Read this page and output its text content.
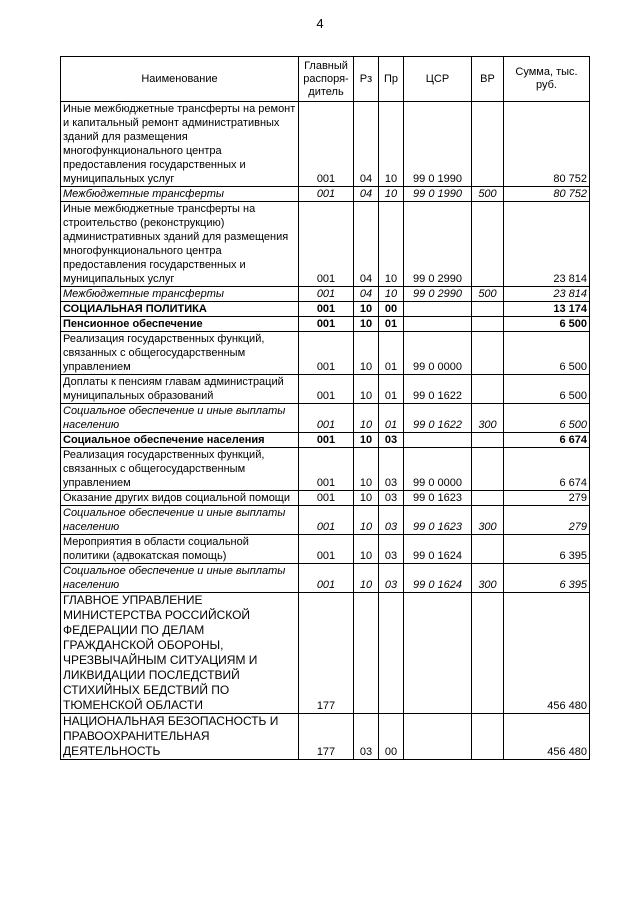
4
Наименование	Главный распоря-дитель	Рз	Пр	ЦСР	ВР	Сумма, тыс. руб.
Иные межбюджетные трансферты на ремонт и капитальный ремонт административных зданий для размещения многофункционального центра предоставления государственных и муниципальных услуг	001	04	10	99 0 1990		80 752
Межбюджетные трансферты	001	04	10	99 0 1990	500	80 752
Иные межбюджетные трансферты на строительство (реконструкцию) административных зданий для размещения многофункционального центра предоставления государственных и муниципальных услуг	001	04	10	99 0 2990		23 814
Межбюджетные трансферты	001	04	10	99 0 2990	500	23 814
СОЦИАЛЬНАЯ ПОЛИТИКА	001	10	00			13 174
Пенсионное обеспечение	001	10	01			6 500
Реализация государственных функций, связанных с общегосударственным управлением	001	10	01	99 0 0000		6 500
Доплаты к пенсиям главам администраций муниципальных образований	001	10	01	99 0 1622		6 500
Социальное обеспечение и иные выплаты населению	001	10	01	99 0 1622	300	6 500
Социальное обеспечение населения	001	10	03			6 674
Реализация государственных функций, связанных с общегосударственным управлением	001	10	03	99 0 0000		6 674
Оказание других видов социальной помощи	001	10	03	99 0 1623		279
Социальное обеспечение и иные выплаты населению	001	10	03	99 0 1623	300	279
Мероприятия в области социальной политики (адвокатская помощь)	001	10	03	99 0 1624		6 395
Социальное обеспечение и иные выплаты населению	001	10	03	99 0 1624	300	6 395
ГЛАВНОЕ УПРАВЛЕНИЕ МИНИСТЕРСТВА РОССИЙСКОЙ ФЕДЕРАЦИИ ПО ДЕЛАМ ГРАЖДАНСКОЙ ОБОРОНЫ, ЧРЕЗВЫЧАЙНЫМ СИТУАЦИЯМ И ЛИКВИДАЦИИ ПОСЛЕДСТВИЙ СТИХИЙНЫХ БЕДСТВИЙ ПО ТЮМЕНСКОЙ ОБЛАСТИ	177					456 480
НАЦИОНАЛЬНАЯ БЕЗОПАСНОСТЬ И ПРАВООХРАНИТЕЛЬНАЯ ДЕЯТЕЛЬНОСТЬ	177	03	00			456 480
